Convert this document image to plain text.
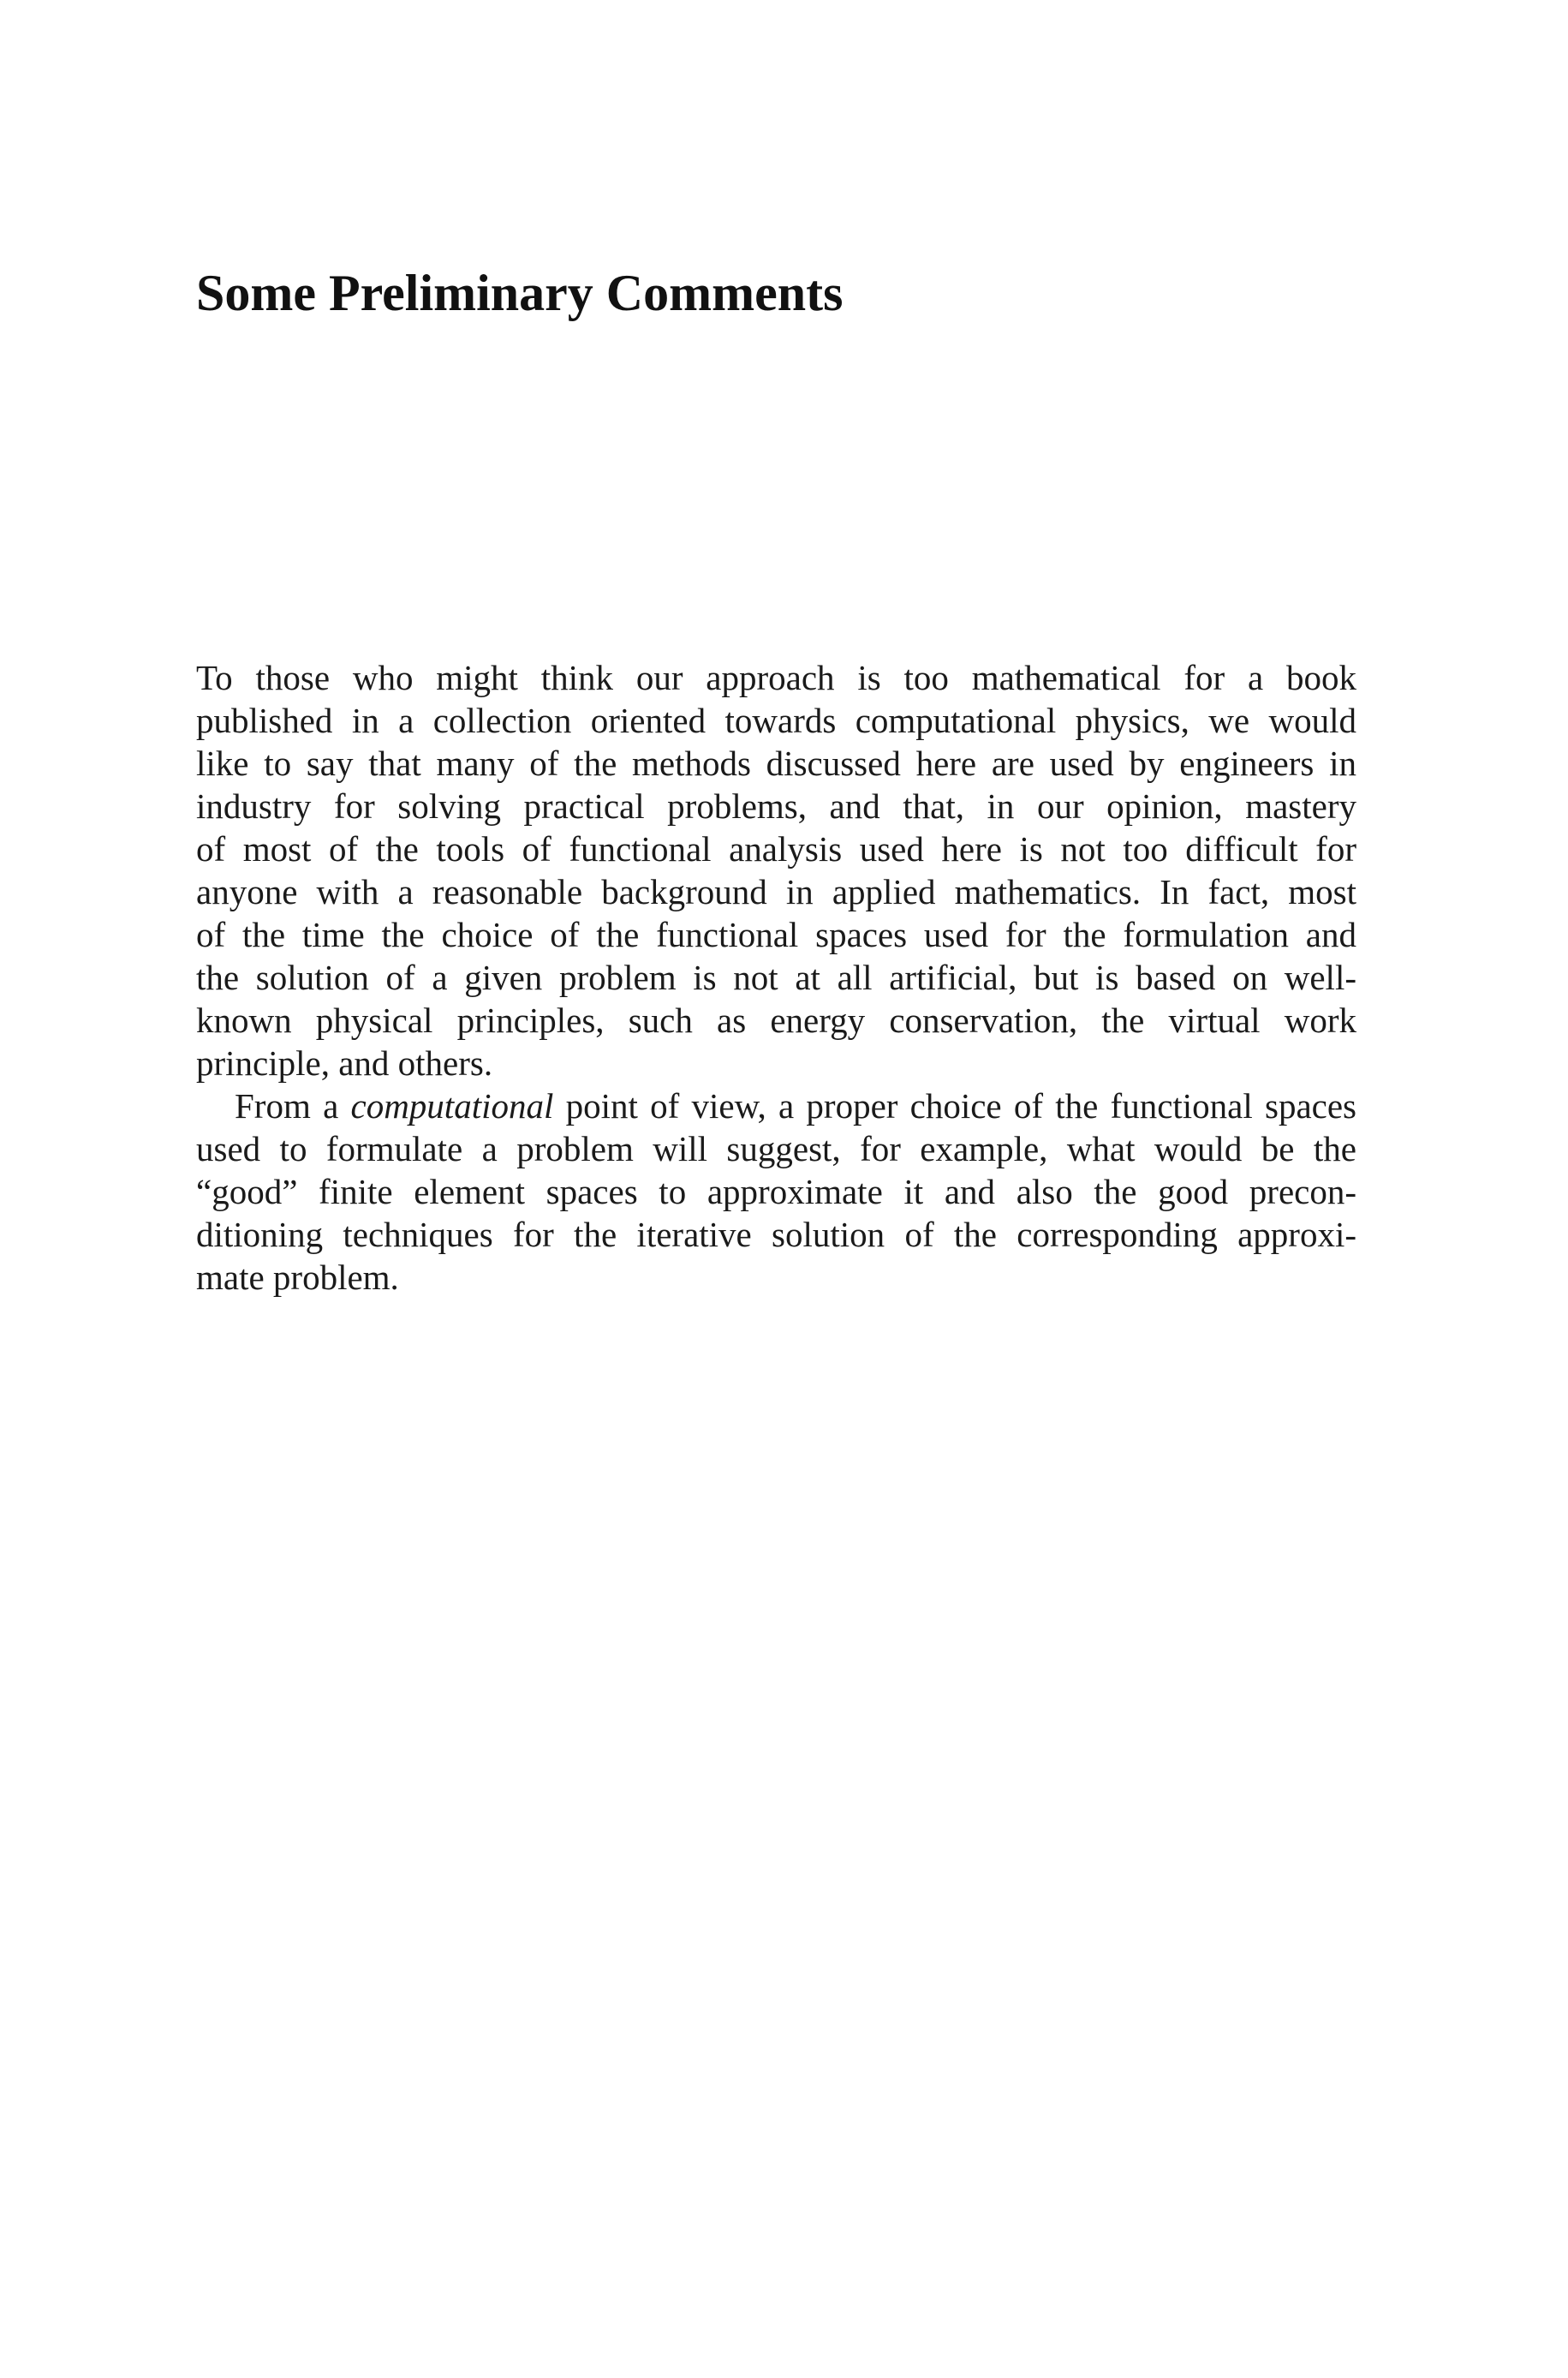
Some Preliminary Comments
To those who might think our approach is too mathematical for a book
published in a collection oriented towards computational physics, we would
like to say that many of the methods discussed here are used by engineers in
industry for solving practical problems, and that, in our opinion, mastery
of most of the tools of functional analysis used here is not too difficult for
anyone with a reasonable background in applied mathematics. In fact, most
of the time the choice of the functional spaces used for the formulation and
the solution of a given problem is not at all artificial, but is based on well-
known physical principles, such as energy conservation, the virtual work
principle, and others.
From a computational point of view, a proper choice of the functional spaces
used to formulate a problem will suggest, for example, what would be the
“good” finite element spaces to approximate it and also the good precon-
ditioning techniques for the iterative solution of the corresponding approxi-
mate problem.
